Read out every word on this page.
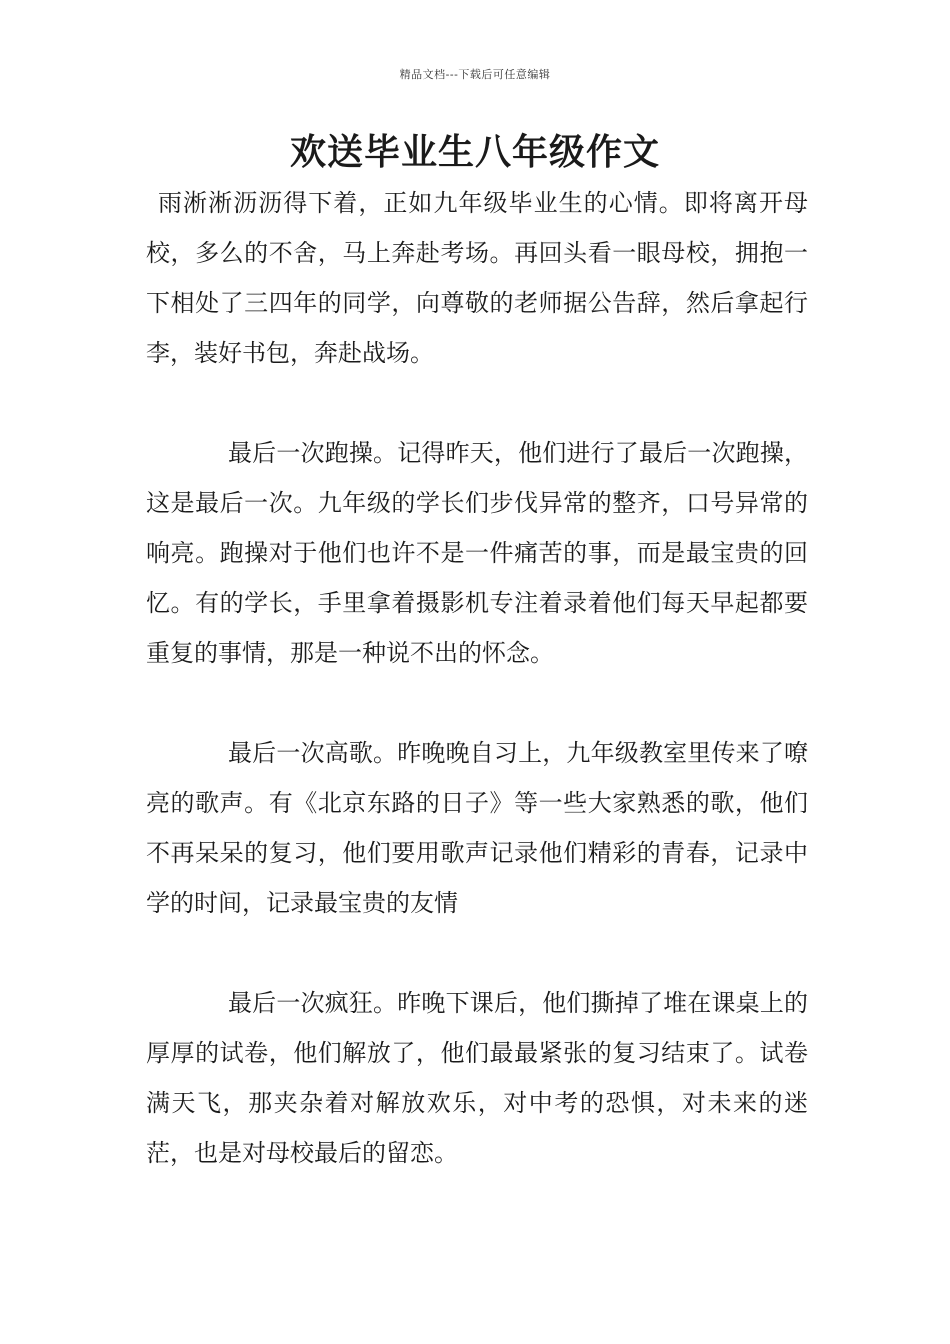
精品文档---下载后可任意编辑
欢送毕业生八年级作文

雨淅淅沥沥得下着，正如九年级毕业生的心情。即将离开母校，多么的不舍，马上奔赴考场。再回头看一眼母校，拥抱一下相处了三四年的同学，向尊敬的老师据公告辞，然后拿起行李，装好书包，奔赴战场。

最后一次跑操。记得昨天，他们进行了最后一次跑操，这是最后一次。九年级的学长们步伐异常的整齐，口号异常的响亮。跑操对于他们也许不是一件痛苦的事，而是最宝贵的回忆。有的学长，手里拿着摄影机专注着录着他们每天早起都要重复的事情，那是一种说不出的怀念。

最后一次高歌。昨晚晚自习上，九年级教室里传来了嘹亮的歌声。有《北京东路的日子》等一些大家熟悉的歌，他们不再呆呆的复习，他们要用歌声记录他们精彩的青春，记录中学的时间，记录最宝贵的友情

最后一次疯狂。昨晚下课后，他们撕掉了堆在课桌上的厚厚的试卷，他们解放了，他们最最紧张的复习结束了。试卷满天飞，那夹杂着对解放欢乐，对中考的恐惧，对未来的迷茫，也是对母校最后的留恋。
